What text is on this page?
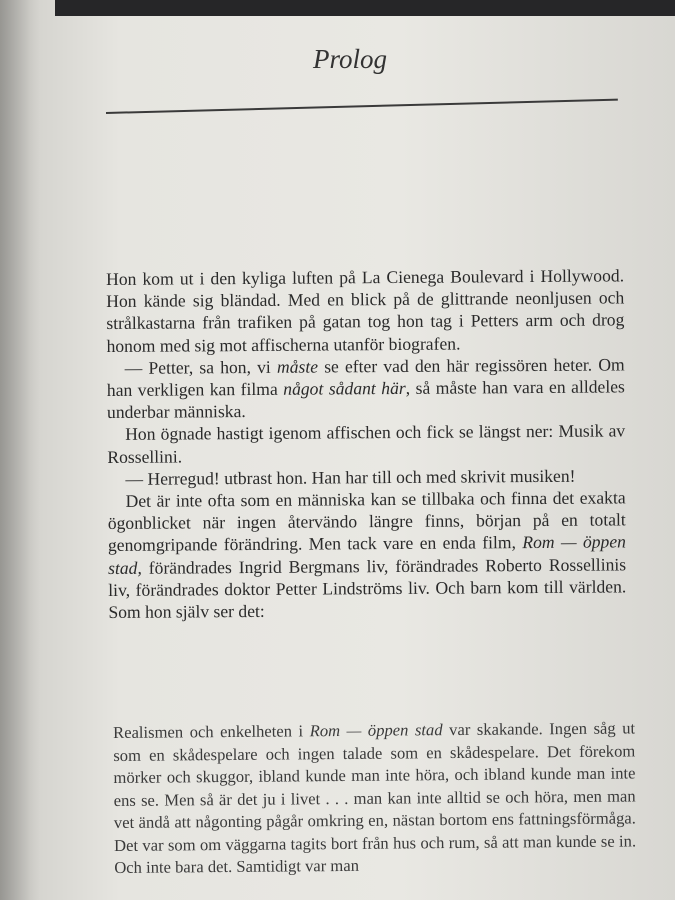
Prolog

Hon kom ut i den kyliga luften på La Cienega Boulevard i Hollywood. Hon kände sig bländad. Med en blick på de glittrande neonljusen och strålkastarna från trafiken på gatan tog hon tag i Petters arm och drog honom med sig mot affischerna utanför biografen.

— Petter, sa hon, vi måste se efter vad den här regissören heter. Om han verkligen kan filma något sådant här, så måste han vara en alldeles underbar människa.

Hon ögnade hastigt igenom affischen och fick se längst ner: Musik av Rossellini.

— Herregud! utbrast hon. Han har till och med skrivit musiken!

Det är inte ofta som en människa kan se tillbaka och finna det exakta ögonblicket när ingen återvändo längre finns, början på en totalt genomgripande förändring. Men tack vare en enda film, Rom — öppen stad, förändrades Ingrid Bergmans liv, förändrades Roberto Rossellinis liv, förändrades doktor Petter Lindströms liv. Och barn kom till världen. Som hon själv ser det:

Realismen och enkelheten i Rom — öppen stad var skakande. Ingen såg ut som en skådespelare och ingen talade som en skådespelare. Det förekom mörker och skuggor, ibland kunde man inte höra, och ibland kunde man inte ens se. Men så är det ju i livet . . . man kan inte alltid se och höra, men man vet ändå att någonting pågår omkring en, nästan bortom ens fattningsförmåga. Det var som om väggarna tagits bort från hus och rum, så att man kunde se in. Och inte bara det. Samtidigt var man
